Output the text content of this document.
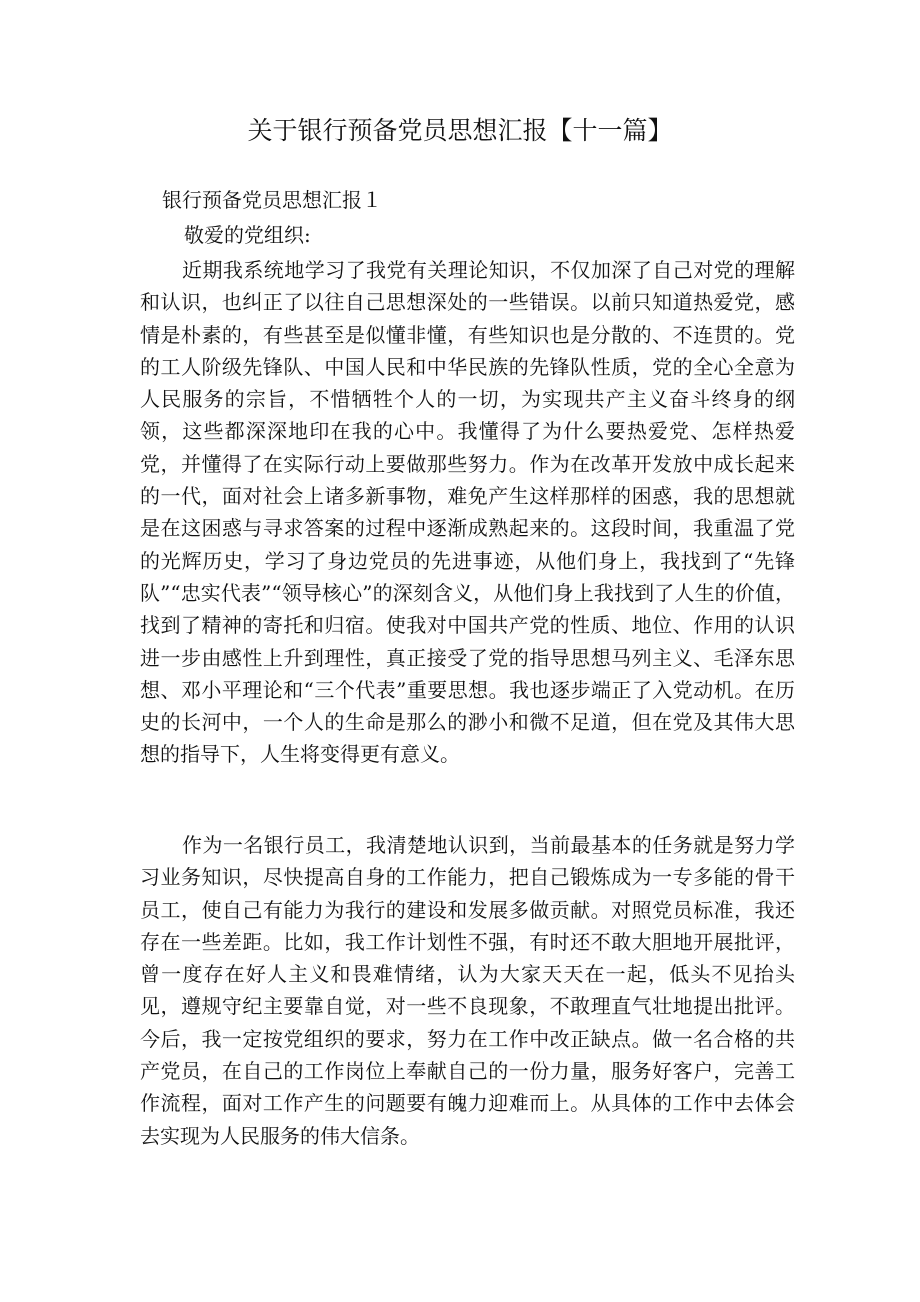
关于银行预备党员思想汇报【十一篇】
银行预备党员思想汇报１

敬爱的党组织:

近期我系统地学习了我党有关理论知识，不仅加深了自己对党的理解和认识，也纠正了以往自己思想深处的一些错误。以前只知道热爱党，感情是朴素的，有些甚至是似懂非懂，有些知识也是分散的、不连贯的。党的工人阶级先锋队、中国人民和中华民族的先锋队性质，党的全心全意为人民服务的宗旨，不惜牺牲个人的一切，为实现共产主义奋斗终身的纲领，这些都深深地印在我的心中。我懂得了为什么要热爱党、怎样热爱党，并懂得了在实际行动上要做那些努力。作为在改革开发放中成长起来的一代，面对社会上诸多新事物，难免产生这样那样的困惑，我的思想就是在这困惑与寻求答案的过程中逐渐成熟起来的。这段时间，我重温了党的光辉历史，学习了身边党员的先进事迹，从他们身上，我找到了“先锋队”“忠实代表”“领导核心”的深刻含义，从他们身上我找到了人生的价值，找到了精神的寄托和归宿。使我对中国共产党的性质、地位、作用的认识进一步由感性上升到理性，真正接受了党的指导思想马列主义、毛泽东思想、邓小平理论和“三个代表”重要思想。我也逐步端正了入党动机。在历史的长河中，一个人的生命是那么的渺小和微不足道，但在党及其伟大思想的指导下，人生将变得更有意义。

作为一名银行员工，我清楚地认识到，当前最基本的任务就是努力学习业务知识，尽快提高自身的工作能力，把自己锻炼成为一专多能的骨干员工，使自己有能力为我行的建设和发展多做贡献。对照党员标准，我还存在一些差距。比如，我工作计划性不强，有时还不敢大胆地开展批评，曾一度存在好人主义和畏难情绪，认为大家天天在一起，低头不见抬头见，遵规守纪主要靠自觉，对一些不良现象，不敢理直气壮地提出批评。今后，我一定按党组织的要求，努力在工作中改正缺点。做一名合格的共产党员，在自己的工作岗位上奉献自己的一份力量，服务好客户，完善工作流程，面对工作产生的问题要有魄力迎难而上。从具体的工作中去体会去实现为人民服务的伟大信条。
